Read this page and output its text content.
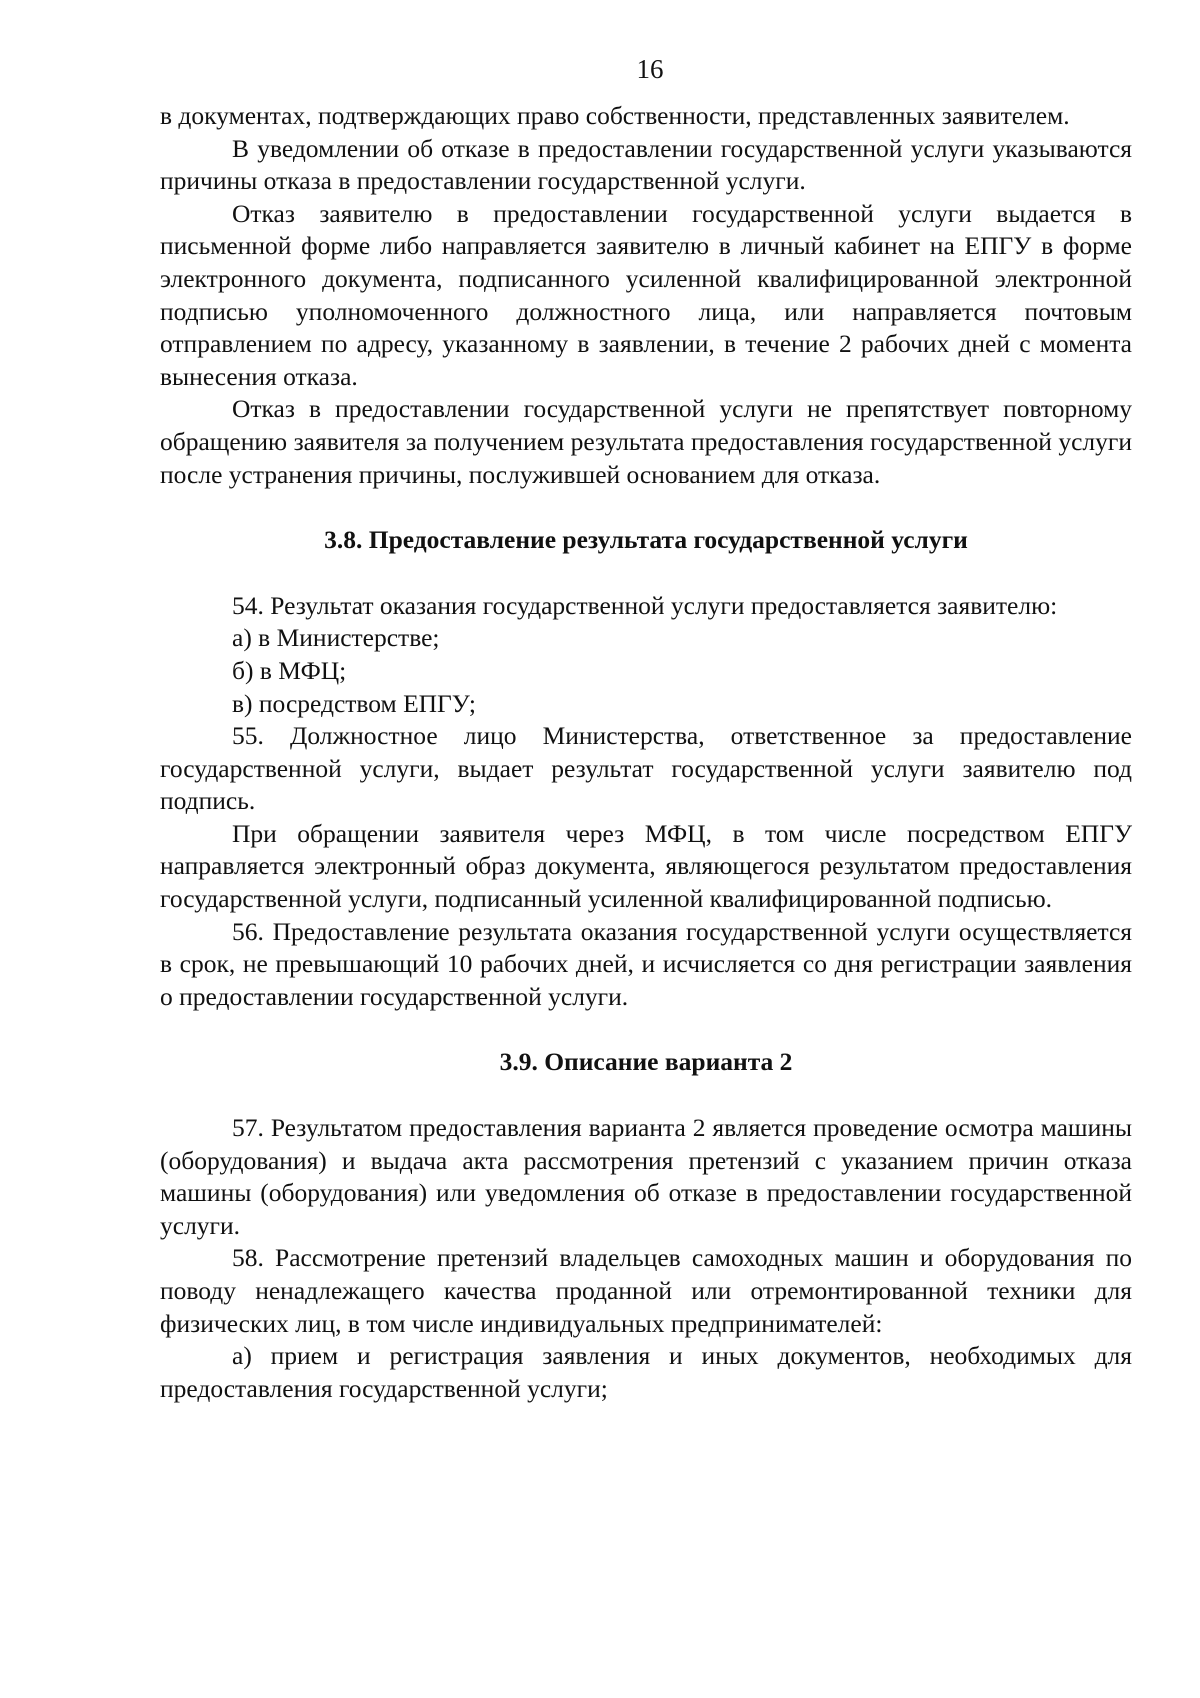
16

в документах, подтверждающих право собственности, представленных заявителем.

В уведомлении об отказе в предоставлении государственной услуги указываются причины отказа в предоставлении государственной услуги.

Отказ заявителю в предоставлении государственной услуги выдается в письменной форме либо направляется заявителю в личный кабинет на ЕПГУ в форме электронного документа, подписанного усиленной квалифицированной электронной подписью уполномоченного должностного лица, или направляется почтовым отправлением по адресу, указанному в заявлении, в течение 2 рабочих дней с момента вынесения отказа.

Отказ в предоставлении государственной услуги не препятствует повторному обращению заявителя за получением результата предоставления государственной услуги после устранения причины, послужившей основанием для отказа.

3.8. Предоставление результата государственной услуги

54. Результат оказания государственной услуги предоставляется заявителю:

а) в Министерстве;

б) в МФЦ;

в) посредством ЕПГУ;

55. Должностное лицо Министерства, ответственное за предоставление государственной услуги, выдает результат государственной услуги заявителю под подпись.

При обращении заявителя через МФЦ, в том числе посредством ЕПГУ направляется электронный образ документа, являющегося результатом предоставления государственной услуги, подписанный усиленной квалифицированной подписью.

56. Предоставление результата оказания государственной услуги осуществляется в срок, не превышающий 10 рабочих дней, и исчисляется со дня регистрации заявления о предоставлении государственной услуги.

3.9. Описание варианта 2

57. Результатом предоставления варианта 2 является проведение осмотра машины (оборудования) и выдача акта рассмотрения претензий с указанием причин отказа машины (оборудования) или уведомления об отказе в предоставлении государственной услуги.

58. Рассмотрение претензий владельцев самоходных машин и оборудования по поводу ненадлежащего качества проданной или отремонтированной техники для физических лиц, в том числе индивидуальных предпринимателей:

а) прием и регистрация заявления и иных документов, необходимых для предоставления государственной услуги;
